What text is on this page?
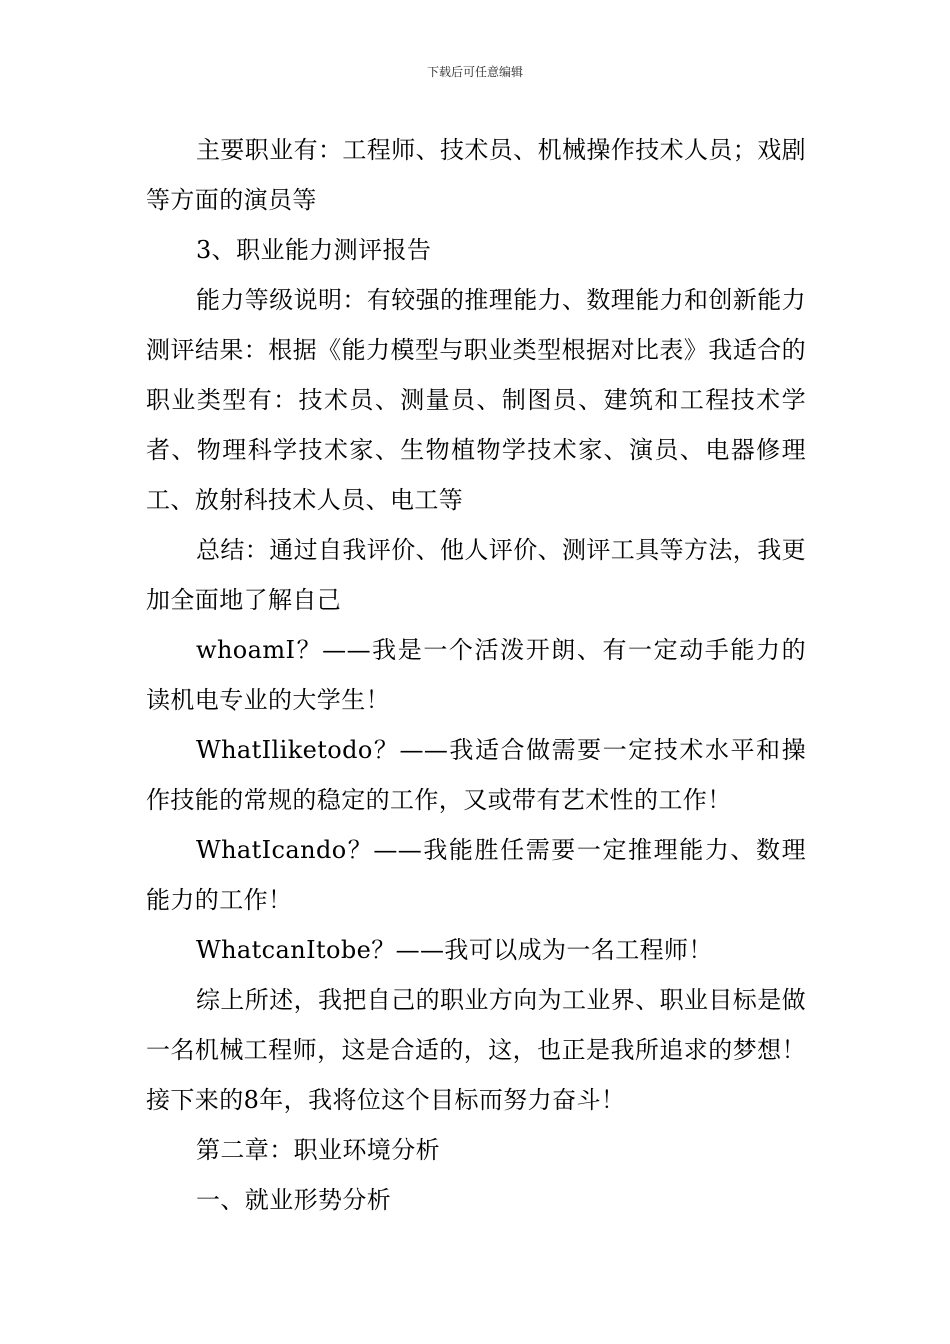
下载后可任意编辑

主要职业有：工程师、技术员、机械操作技术人员；戏剧等方面的演员等

3、职业能力测评报告

能力等级说明：有较强的推理能力、数理能力和创新能力测评结果：根据《能力模型与职业类型根据对比表》我适合的职业类型有：技术员、测量员、制图员、建筑和工程技术学者、物理科学技术家、生物植物学技术家、演员、电器修理工、放射科技术人员、电工等

总结：通过自我评价、他人评价、测评工具等方法，我更加全面地了解自己

whoamI？——我是一个活泼开朗、有一定动手能力的读机电专业的大学生！

WhatIliketodo？——我适合做需要一定技术水平和操作技能的常规的稳定的工作，又或带有艺术性的工作！

WhatIcando？——我能胜任需要一定推理能力、数理能力的工作！

WhatcanItobe？——我可以成为一名工程师！

综上所述，我把自己的职业方向为工业界、职业目标是做一名机械工程师，这是合适的，这，也正是我所追求的梦想！接下来的8年，我将位这个目标而努力奋斗！

第二章：职业环境分析

一、就业形势分析
